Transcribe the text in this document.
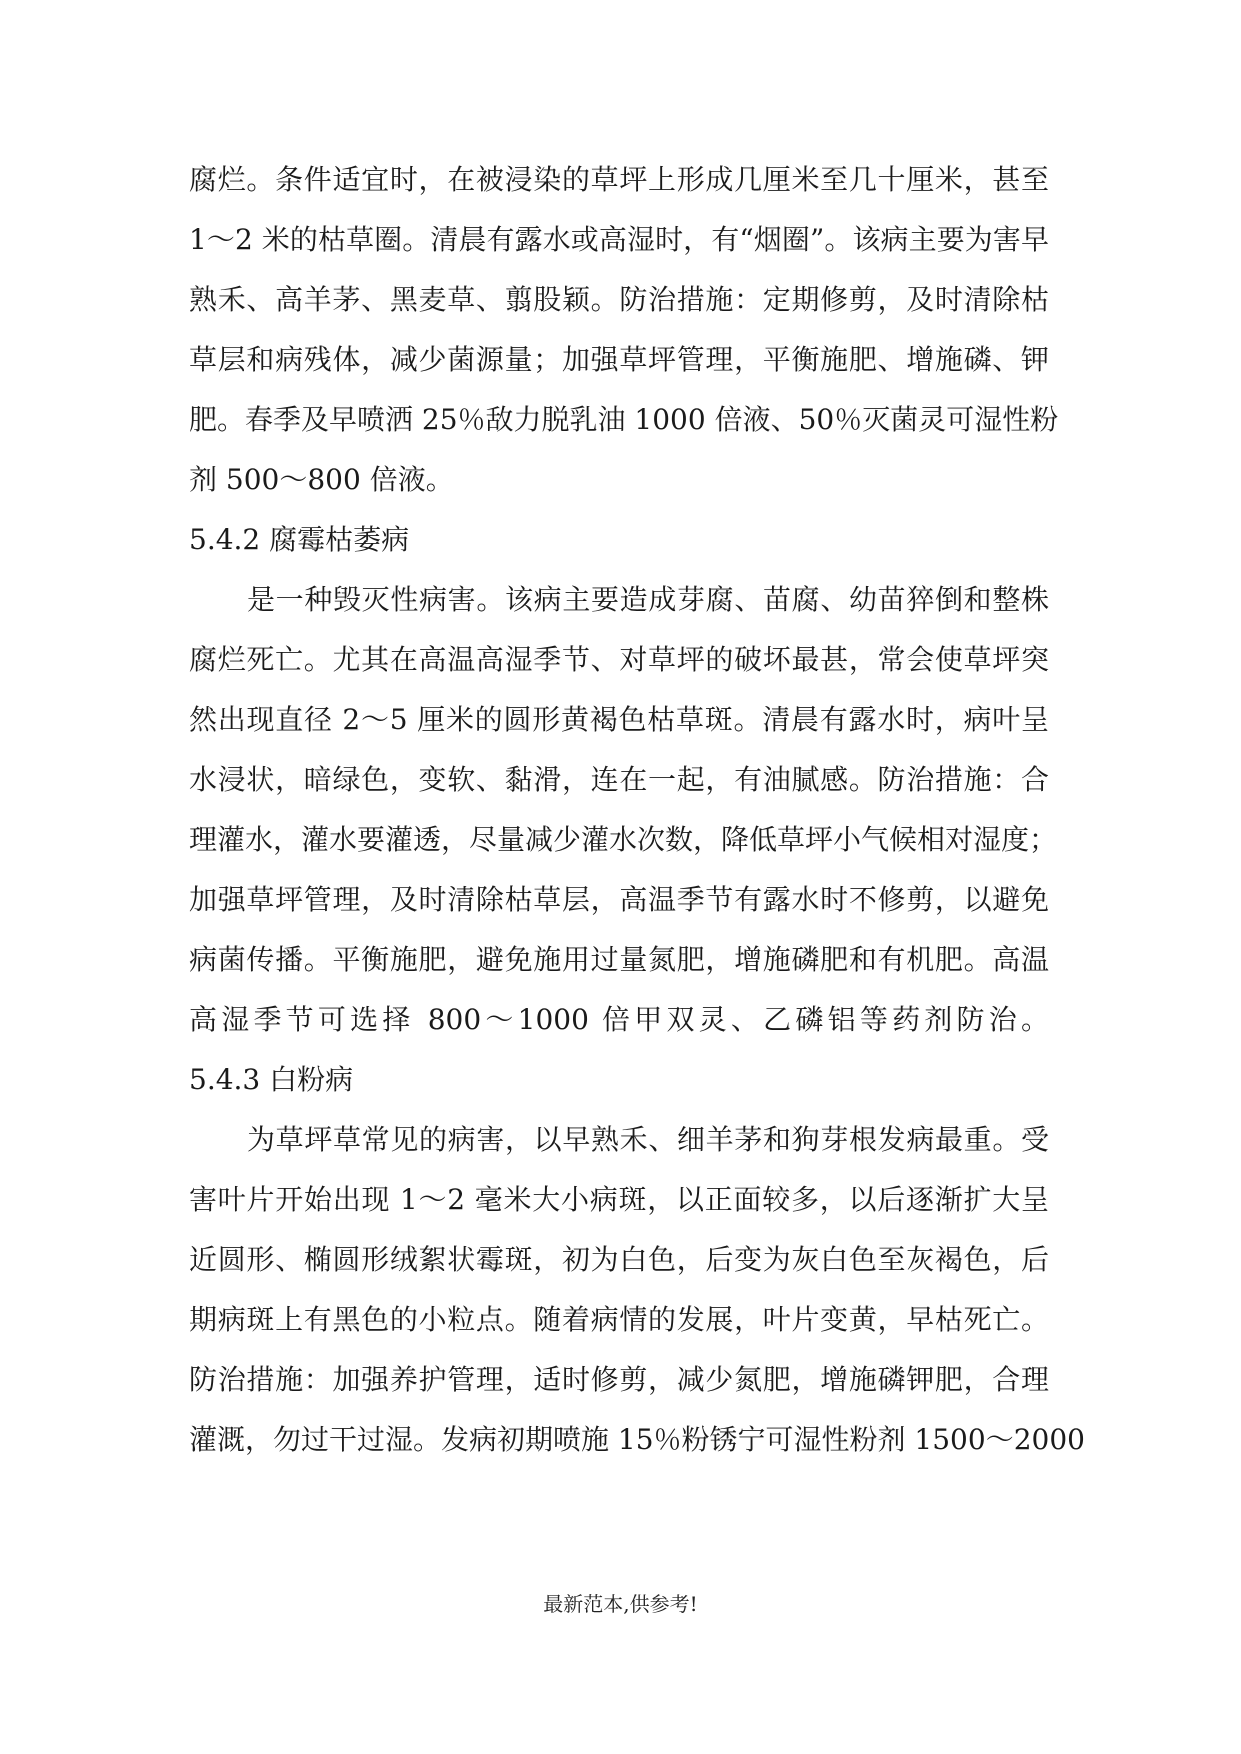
腐烂。条件适宜时，在被浸染的草坪上形成几厘米至几十厘米，甚至
1～2 米的枯草圈。清晨有露水或高湿时，有“烟圈”。该病主要为害早
熟禾、高羊茅、黑麦草、翦股颖。防治措施：定期修剪，及时清除枯
草层和病残体，减少菌源量；加强草坪管理，平衡施肥、增施磷、钾
肥。春季及早喷洒 25％敌力脱乳油 1000 倍液、50％灭菌灵可湿性粉
剂 500～800 倍液。
5.4.2 腐霉枯萎病
是一种毁灭性病害。该病主要造成芽腐、苗腐、幼苗猝倒和整株
腐烂死亡。尤其在高温高湿季节、对草坪的破坏最甚，常会使草坪突
然出现直径 2～5 厘米的圆形黄褐色枯草斑。清晨有露水时，病叶呈
水浸状，暗绿色，变软、黏滑，连在一起，有油腻感。防治措施：合
理灌水，灌水要灌透，尽量减少灌水次数，降低草坪小气候相对湿度；
加强草坪管理，及时清除枯草层，高温季节有露水时不修剪，以避免
病菌传播。平衡施肥，避免施用过量氮肥，增施磷肥和有机肥。高温
高湿季节可选择 800～1000 倍甲双灵、乙磷铝等药剂防治。
5.4.3 白粉病
为草坪草常见的病害，以早熟禾、细羊茅和狗芽根发病最重。受
害叶片开始出现 1～2 毫米大小病斑，以正面较多，以后逐渐扩大呈
近圆形、椭圆形绒絮状霉斑，初为白色，后变为灰白色至灰褐色，后
期病斑上有黑色的小粒点。随着病情的发展，叶片变黄，早枯死亡。
防治措施：加强养护管理，适时修剪，减少氮肥，增施磷钾肥，合理
灌溉，勿过干过湿。发病初期喷施 15％粉锈宁可湿性粉剂 1500～2000
最新范本,供参考!
